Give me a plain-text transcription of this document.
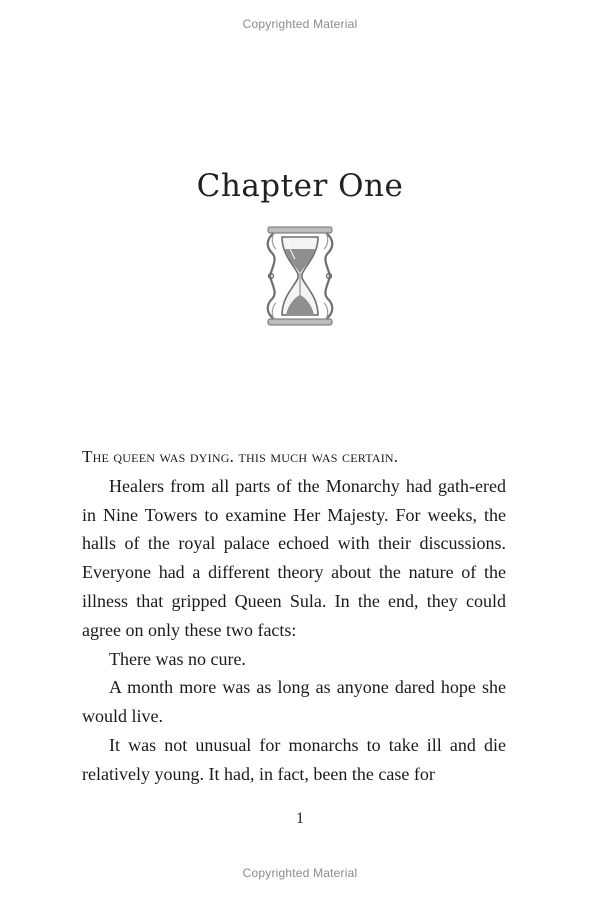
Copyrighted Material
Chapter One

The queen was dying. this much was certain.

Healers from all parts of the Monarchy had gath-ered in Nine Towers to examine Her Majesty. For weeks, the halls of the royal palace echoed with their discussions. Everyone had a different theory about the nature of the illness that gripped Queen Sula. In the end, they could agree on only these two facts:

There was no cure.

A month more was as long as anyone dared hope she would live.

It was not unusual for monarchs to take ill and die relatively young. It had, in fact, been the case for

1
Copyrighted Material
